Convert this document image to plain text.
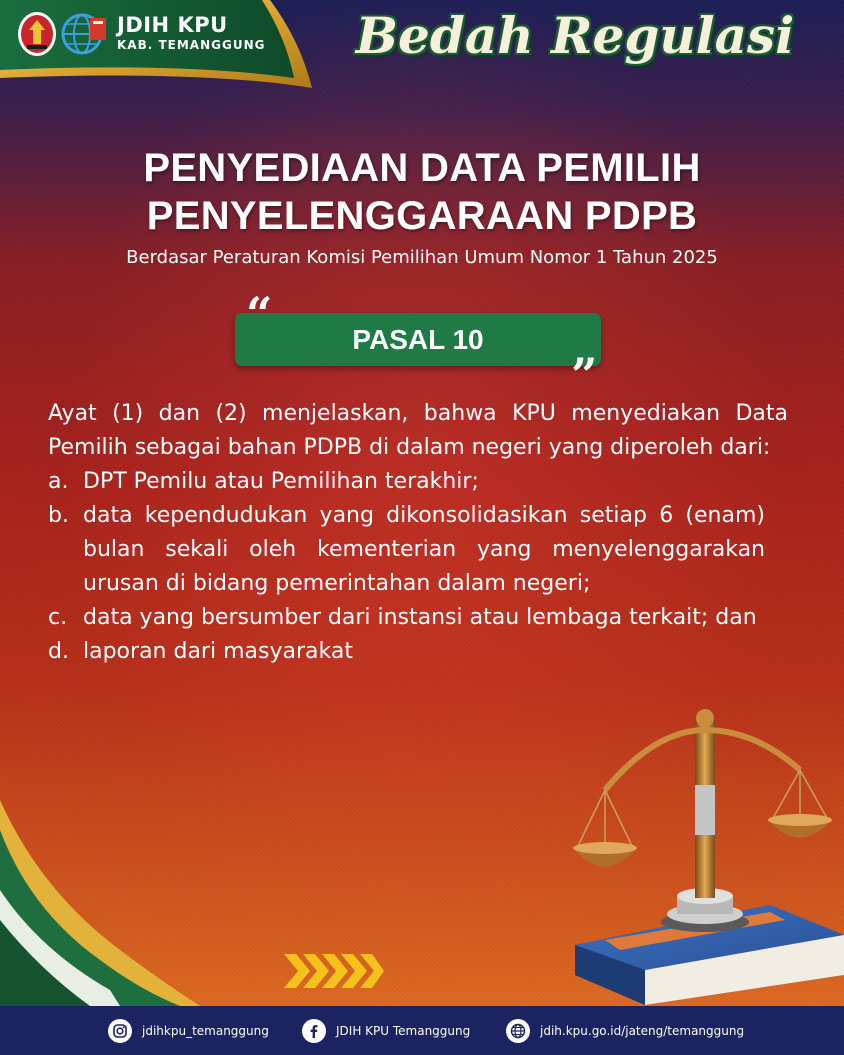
JDIH KPU
KAB. TEMANGGUNG	Bedah Regulasi
PENYEDIAAN DATA PEMILIH
PENYELENGGARAAN PDPB
Berdasar Peraturan Komisi Pemilihan Umum Nomor 1 Tahun 2025
PASAL 10
“
”
Ayat (1) dan (2) menjelaskan, bahwa KPU menyediakan Data Pemilih sebagai bahan PDPB di dalam negeri yang diperoleh dari:
a. DPT Pemilu atau Pemilihan terakhir;
b. data kependudukan yang dikonsolidasikan setiap 6 (enam) bulan sekali oleh kementerian yang menyelenggarakan urusan di bidang pemerintahan dalam negeri;
c. data yang bersumber dari instansi atau lembaga terkait; dan
d. laporan dari masyarakat
jdihkpu_temanggung	JDIH KPU Temanggung	jdih.kpu.go.id/jateng/temanggung
